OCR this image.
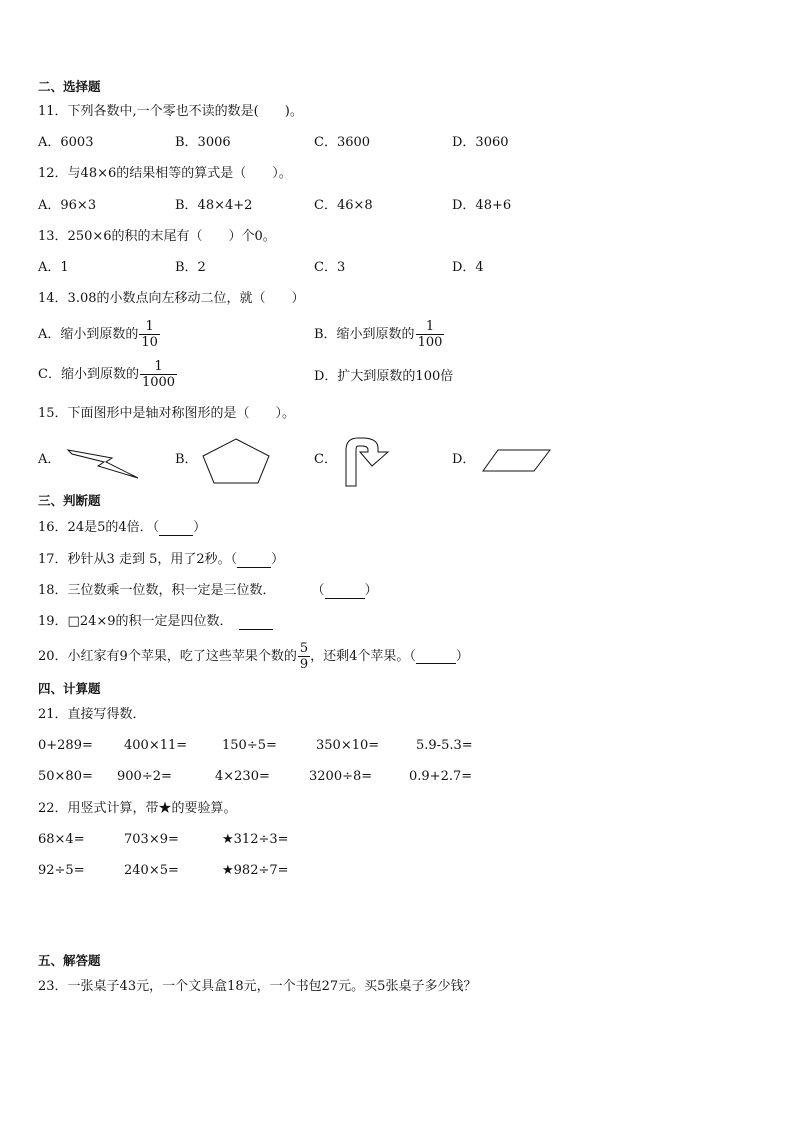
二、选择题
11．下列各数中,一个零也不读的数是(　　)。
A．6003	B．3006	C．3600	D．3060
12．与48×6的结果相等的算式是（　　）。
A．96×3	B．48×4+2	C．46×8	D．48+6
13．250×6的积的末尾有（　　）个0。
A．1	B．2	C．3	D．4
14．3.08的小数点向左移动二位，就（　　）
A．缩小到原数的 $\frac{1}{10}$	B．缩小到原数的 $\frac{1}{100}$
C．缩小到原数的 $\frac{1}{1000}$	D．扩大到原数的100倍
15．下面图形中是轴对称图形的是（　　）。
A．	B．	C．	D．
三、判断题
16．24是5的4倍．（	）
17．秒针从3 走到 5，用了2秒。（	）
18．三位数乘一位数，积一定是三位数．	（	）
19．□24×9的积一定是四位数．
20．小红家有9个苹果，吃了这些苹果个数的 $\frac{5}{9}$ ，还剩4个苹果。（	）
四、计算题
21．直接写得数．
0+289= 400×11=	150÷5=	350×10=	5.9-5.3=
50×80= 900÷2=	4×230=	3200÷8=	0.9+2.7=
22．用竖式计算，带★的要验算。
68×4=	703×9=	★312÷3=
92÷5=	240×5=	★982÷7=
五、解答题
23．一张桌子43元，一个文具盒18元，一个书包27元。买5张桌子多少钱？
